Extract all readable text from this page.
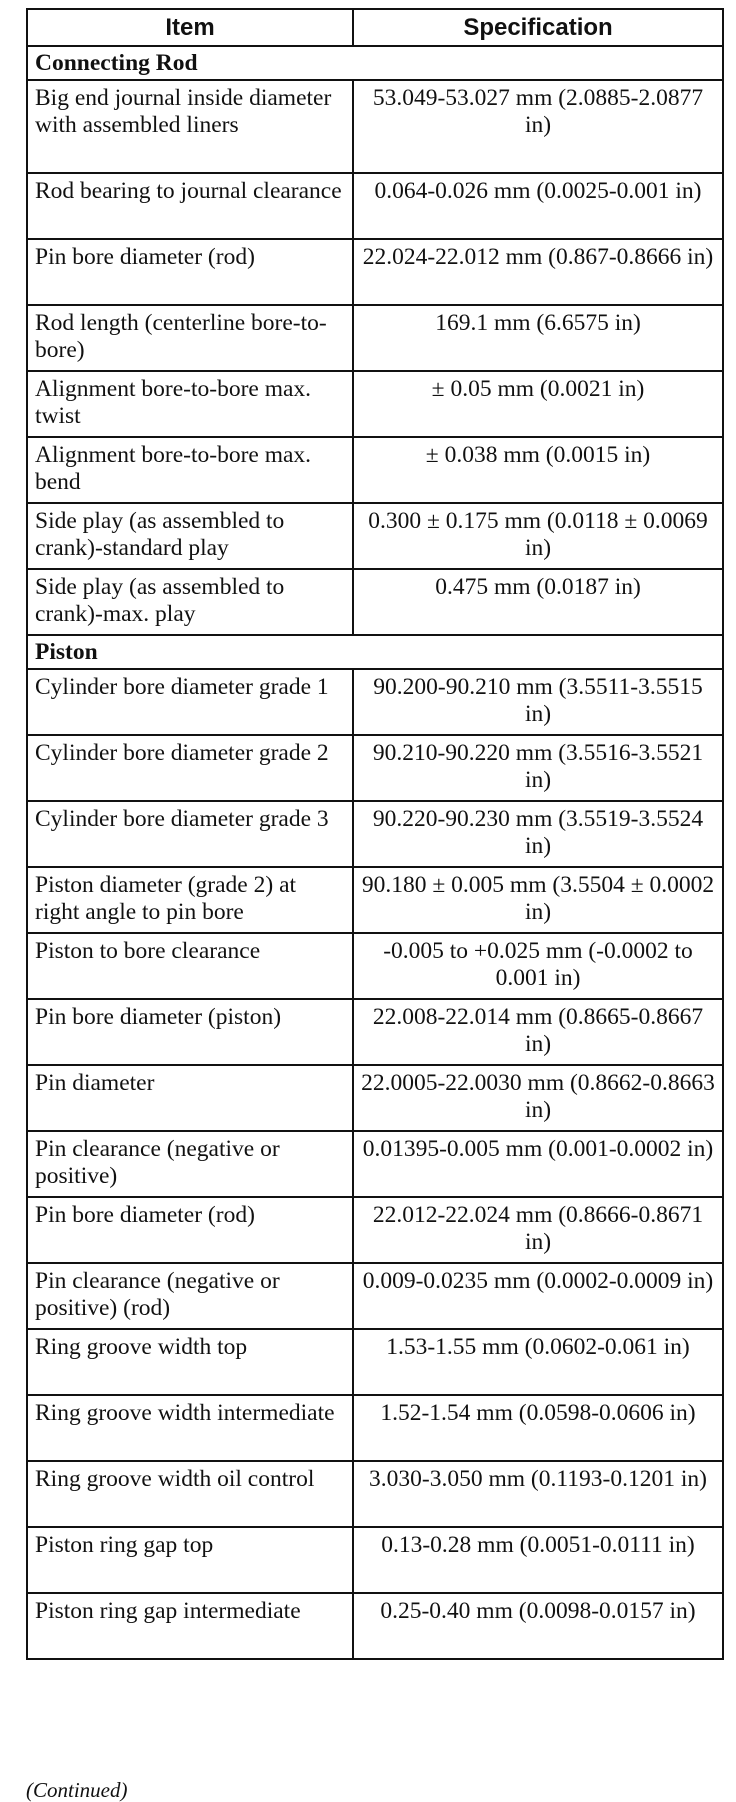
Item	Specification
Connecting Rod	
Big end journal inside diameter with assembled liners	53.049-53.027 mm (2.0885-2.0877 in)
Rod bearing to journal clearance	0.064-0.026 mm (0.0025-0.001 in)
Pin bore diameter (rod)	22.024-22.012 mm (0.867-0.8666 in)
Rod length (centerline bore-to-bore)	169.1 mm (6.6575 in)
Alignment bore-to-bore max. twist	± 0.05 mm (0.0021 in)
Alignment bore-to-bore max. bend	± 0.038 mm (0.0015 in)
Side play (as assembled to crank)-standard play	0.300 ± 0.175 mm (0.0118 ± 0.0069 in)
Side play (as assembled to crank)-max. play	0.475 mm (0.0187 in)
Piston	
Cylinder bore diameter grade 1	90.200-90.210 mm (3.5511-3.5515 in)
Cylinder bore diameter grade 2	90.210-90.220 mm (3.5516-3.5521 in)
Cylinder bore diameter grade 3	90.220-90.230 mm (3.5519-3.5524 in)
Piston diameter (grade 2) at right angle to pin bore	90.180 ± 0.005 mm (3.5504 ± 0.0002 in)
Piston to bore clearance	-0.005 to +0.025 mm (-0.0002 to 0.001 in)
Pin bore diameter (piston)	22.008-22.014 mm (0.8665-0.8667 in)
Pin diameter	22.0005-22.0030 mm (0.8662-0.8663 in)
Pin clearance (negative or positive)	0.01395-0.005 mm (0.001-0.0002 in)
Pin bore diameter (rod)	22.012-22.024 mm (0.8666-0.8671 in)
Pin clearance (negative or positive) (rod)	0.009-0.0235 mm (0.0002-0.0009 in)
Ring groove width top	1.53-1.55 mm (0.0602-0.061 in)
Ring groove width intermediate	1.52-1.54 mm (0.0598-0.0606 in)
Ring groove width oil control	3.030-3.050 mm (0.1193-0.1201 in)
Piston ring gap top	0.13-0.28 mm (0.0051-0.0111 in)
Piston ring gap intermediate	0.25-0.40 mm (0.0098-0.0157 in)
(Continued)
